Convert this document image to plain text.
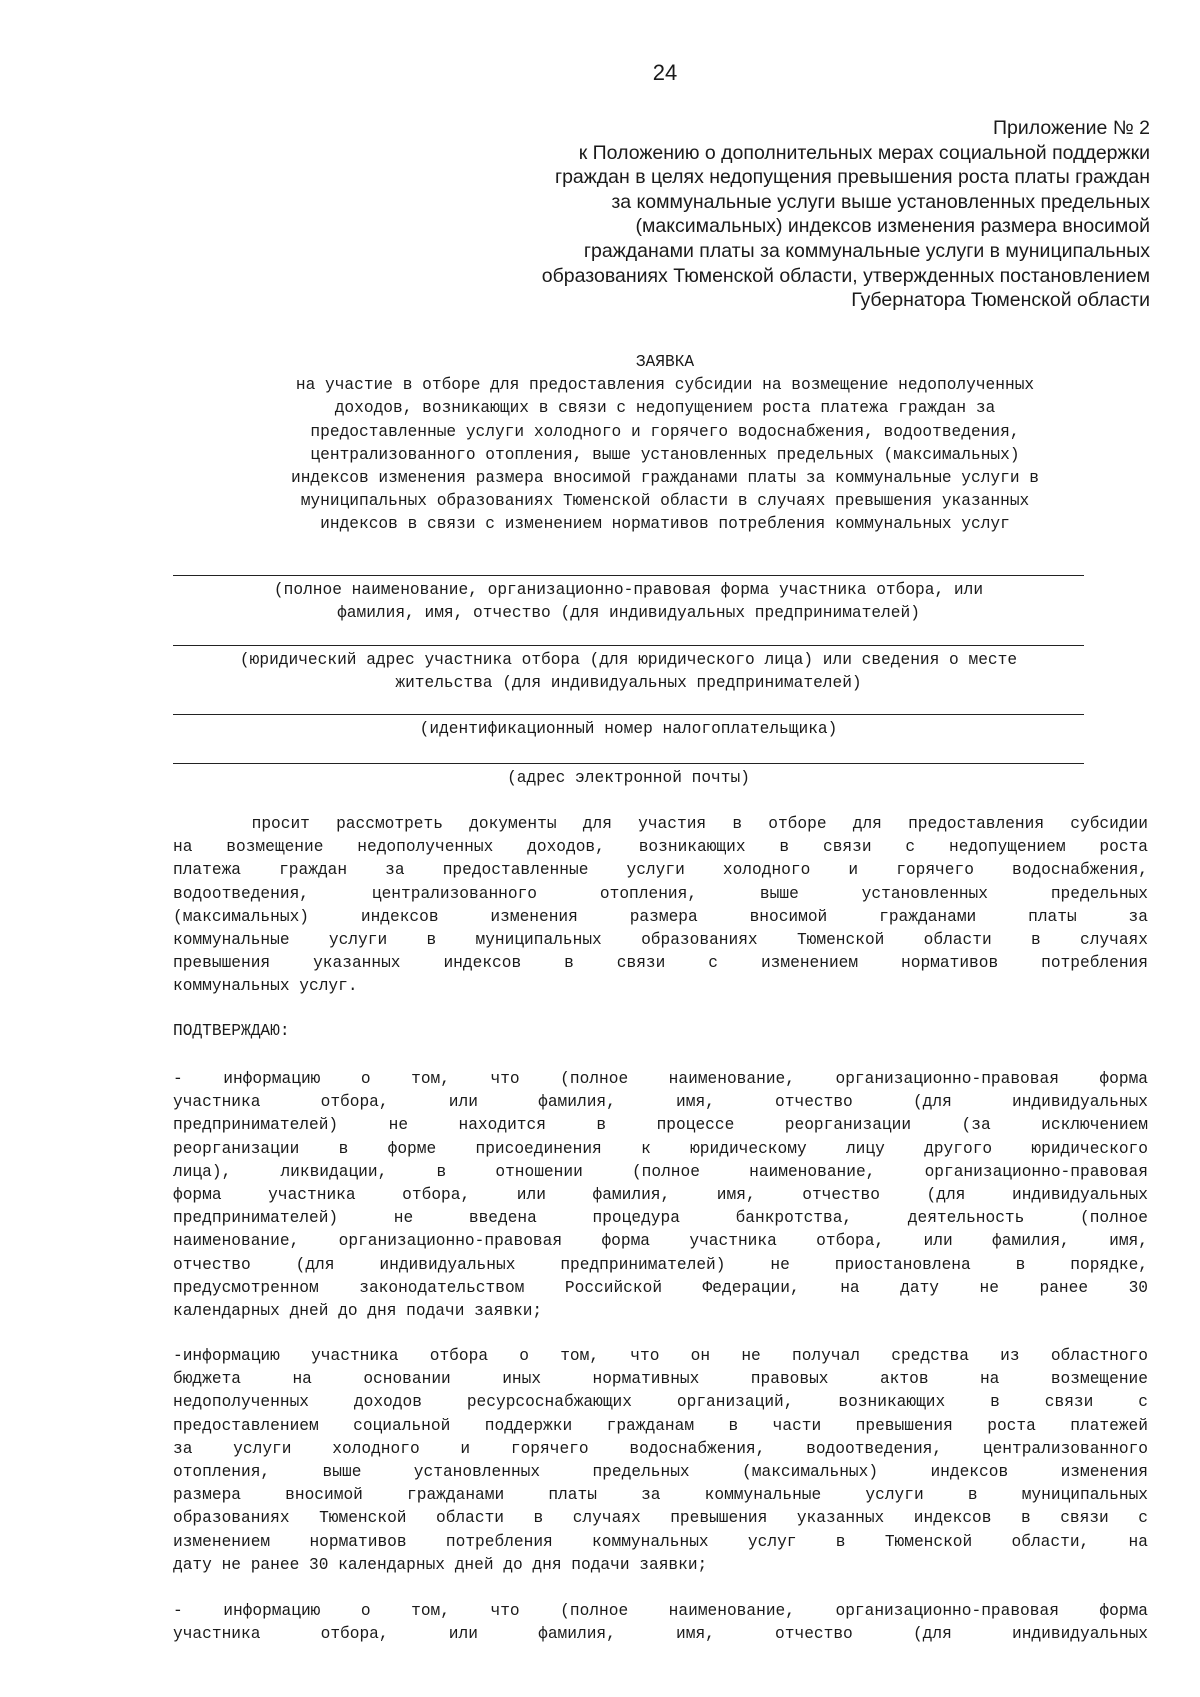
24
Приложение № 2
к Положению о дополнительных мерах социальной поддержки
граждан в целях недопущения превышения роста платы граждан
за коммунальные услуги выше установленных предельных
(максимальных) индексов изменения размера вносимой
гражданами платы за коммунальные услуги в муниципальных
образованиях Тюменской области, утвержденных постановлением
Губернатора Тюменской области
ЗАЯВКА
на участие в отборе для предоставления субсидии на возмещение недополученных
доходов, возникающих в связи с недопущением роста платежа граждан за
предоставленные услуги холодного и горячего водоснабжения, водоотведения,
централизованного отопления, выше установленных предельных (максимальных)
индексов изменения размера вносимой гражданами платы за коммунальные услуги в
муниципальных образованиях Тюменской области в случаях превышения указанных
индексов в связи с изменением нормативов потребления коммунальных услуг
(полное наименование, организационно-правовая форма участника отбора, или
фамилия, имя, отчество (для индивидуальных предпринимателей)
(юридический адрес участника отбора (для юридического лица) или сведения о месте
жительства (для индивидуальных предпринимателей)
(идентификационный номер налогоплательщика)
(адрес электронной почты)
просит рассмотреть документы для участия в отборе для предоставления субсидии
на возмещение недополученных доходов, возникающих в связи с недопущением роста
платежа граждан за предоставленные услуги холодного и горячего водоснабжения,
водоотведения, централизованного отопления, выше установленных предельных
(максимальных) индексов изменения размера вносимой гражданами платы за
коммунальные услуги в муниципальных образованиях Тюменской области в случаях
превышения указанных индексов в связи с изменением нормативов потребления
коммунальных услуг.
ПОДТВЕРЖДАЮ:
- информацию о том, что (полное наименование, организационно-правовая форма
участника отбора, или фамилия, имя, отчество (для индивидуальных
предпринимателей) не находится в процессе реорганизации (за исключением
реорганизации в форме присоединения к юридическому лицу другого юридического
лица), ликвидации, в отношении (полное наименование, организационно-правовая
форма участника отбора, или фамилия, имя, отчество (для индивидуальных
предпринимателей) не введена процедура банкротства, деятельность (полное
наименование, организационно-правовая форма участника отбора, или фамилия, имя,
отчество (для индивидуальных предпринимателей) не приостановлена в порядке,
предусмотренном законодательством Российской Федерации, на дату не ранее 30
календарных дней до дня подачи заявки;
-информацию участника отбора о том, что он не получал средства из областного
бюджета на основании иных нормативных правовых актов на возмещение
недополученных доходов ресурсоснабжающих организаций, возникающих в связи с
предоставлением социальной поддержки гражданам в части превышения роста платежей
за услуги холодного и горячего водоснабжения, водоотведения, централизованного
отопления, выше установленных предельных (максимальных) индексов изменения
размера вносимой гражданами платы за коммунальные услуги в муниципальных
образованиях Тюменской области в случаях превышения указанных индексов в связи с
изменением нормативов потребления коммунальных услуг в Тюменской области, на
дату не ранее 30 календарных дней до дня подачи заявки;
- информацию о том, что (полное наименование, организационно-правовая форма
участника отбора, или фамилия, имя, отчество (для индивидуальных
